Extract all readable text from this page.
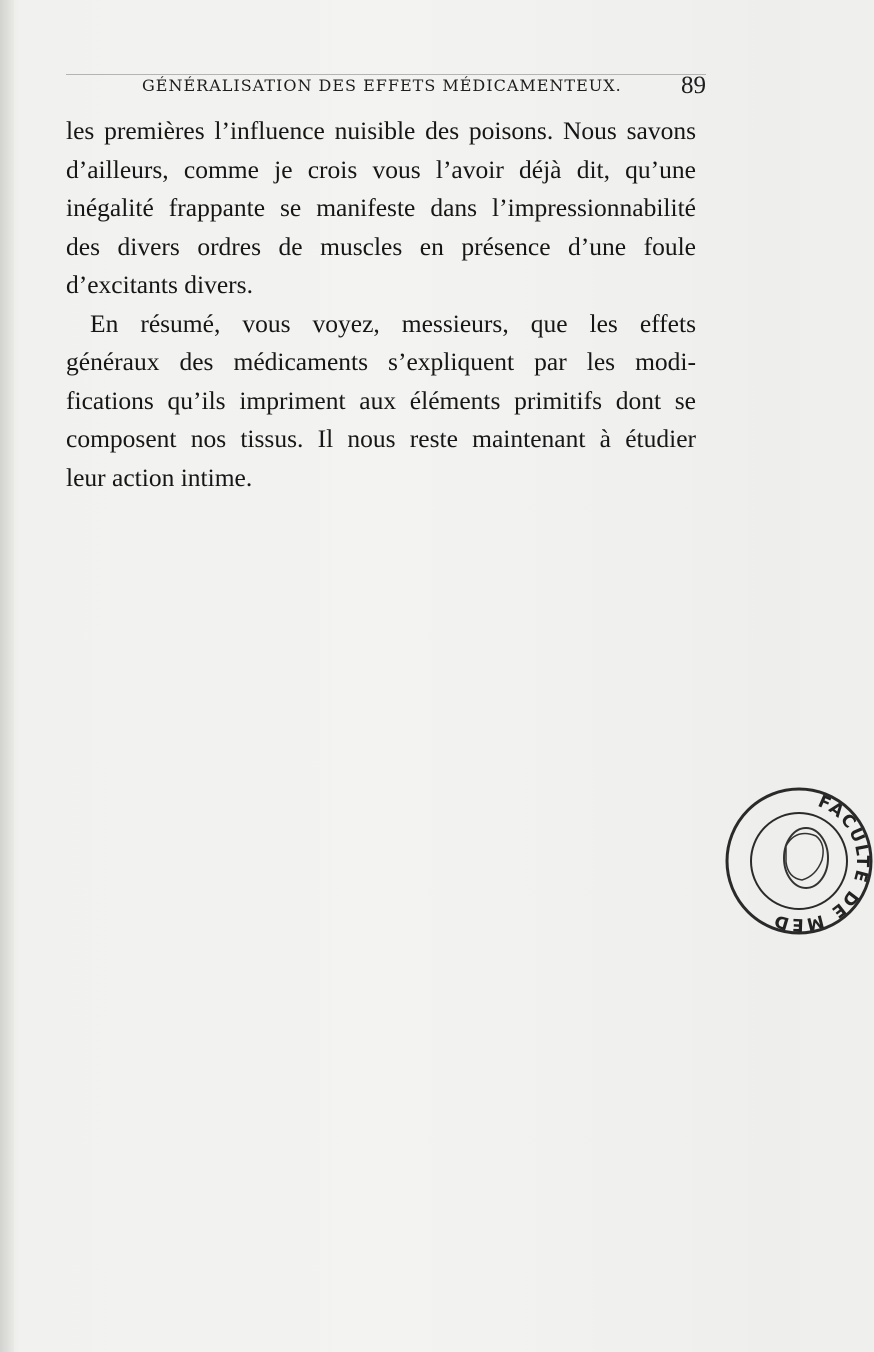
GÉNÉRALISATION DES EFFETS MÉDICAMENTEUX. 89
les premières l’influence nuisible des poisons. Nous savons
d’ailleurs, comme je crois vous l’avoir déjà dit, qu’une
inégalité frappante se manifeste dans l’impressionnabilité
des divers ordres de muscles en présence d’une foule
d’excitants divers.
En résumé, vous voyez, messieurs, que les effets
généraux des médicaments s’expliquent par les modi-
fications qu’ils impriment aux éléments primitifs dont se
composent nos tissus. Il nous reste maintenant à étudier
leur action intime.
FACULTE DE MED
